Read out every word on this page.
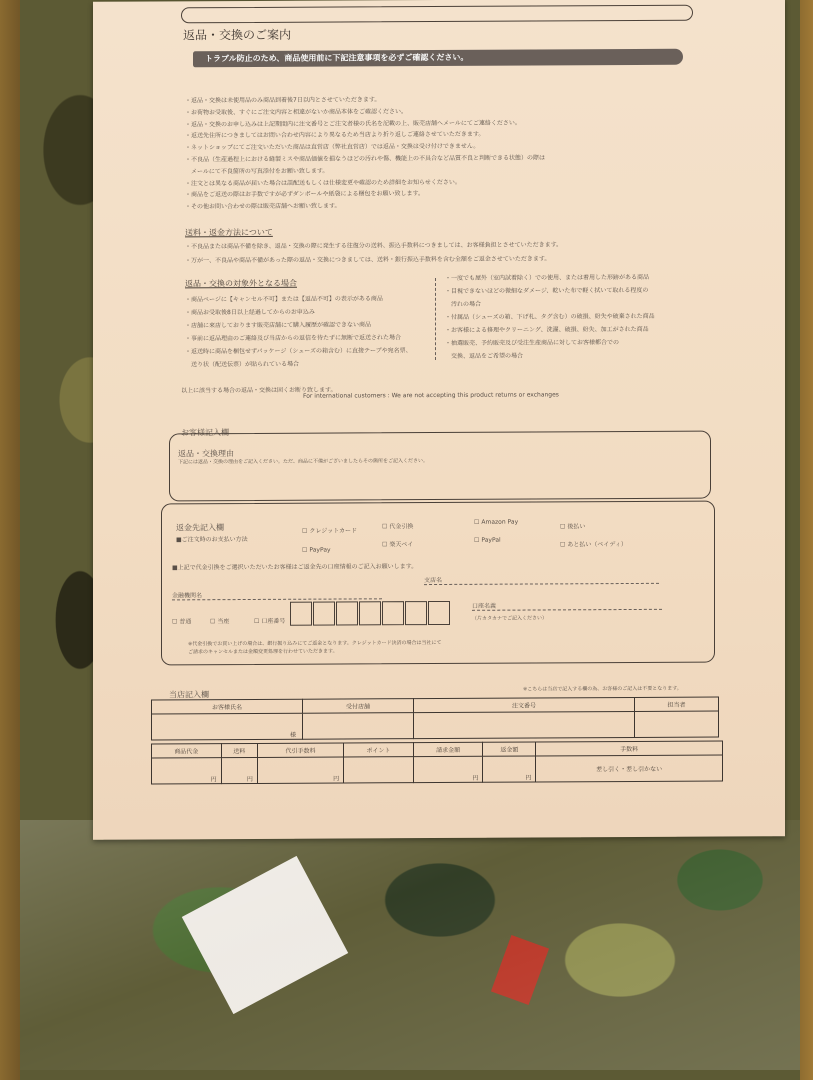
返品・交換のご案内
トラブル防止のため、商品使用前に下記注意事項を必ずご確認ください。
・返品・交換は未使用品のみ商品到着後7日以内とさせていただきます。
・お荷物お受取後、すぐにご注文内容と相違がないか商品本体をご確認ください。
・返品・交換のお申し込みは上記期間内に注文番号とご注文者様の氏名を記載の上、販売店舗へメールにてご連絡ください。
・返送先住所につきましてはお問い合わせ内容により異なるため当店より折り返しご連絡させていただきます。
・ネットショップにてご注文いただいた商品は直営店（弊社直営店）では返品・交換は受け付けできません。
・不良品（生産過程上における縫製ミスや商品価値を損なうほどの汚れや傷、機能上の不具合など品質不良と判断できる状態）の際は
　メールにて不良箇所の写真添付をお願い致します。
・注文とは異なる商品が届いた場合は誤配送もしくは仕様変更や確認のため詳細をお知らせください。
・商品をご返送の際はお手数ですが必ずダンボールや紙袋による梱包をお願い致します。
・その他お問い合わせの際は販売店舗へお願い致します。
送料・返金方法について
・不良品または商品不備を除き、返品・交換の際に発生する往復分の送料、振込手数料につきましては、お客様負担とさせていただきます。
・万が一、不良品や商品不備があった際の返品・交換につきましては、送料・銀行振込手数料を含む全額をご返金させていただきます。
返品・交換の対象外となる場合
・商品ページに【キャンセル不可】または【返品不可】の表示がある商品
・商品お受取後8日以上経過してからのお申込み
・店舗に來店しております販売店舗にて購入履歴が確認できない商品
・事前に返品理由のご連絡及び当店からの返信を待たずに無断で返送された場合
・返送時に商品を梱包せずパッケージ（シューズの箱含む）に直接テープや宛名票、
　送り状（配送伝票）が貼られている場合
・一度でも屋外（室内試着除く）での使用、または着用した形跡がある商品
・目視できないほどの微細なダメージ、乾いた布で軽く拭いて取れる程度の
　汚れの場合
・付属品（シューズの箱、下げ札、タグ含む）の破損、紛失や破棄された商品
・お客様による修理やクリーニング、洗濯、破損、紛失、加工がされた商品
・抽選販売、予約販売及び受注生産商品に対してお客様都合での
　交換、返品をご希望の場合
以上に該当する場合の返品・交換は固くお断り致します。
For international customers : We are not accepting this product returns or exchanges
お客様記入欄
返品・交換理由
下記には返品・交換の理由をご記入ください。ただ、商品に不備がございましたらその箇所をご記入ください。
返金先記入欄
■ご注文時のお支払い方法
☐ クレジットカード
☐ 代金引換
☐ Amazon Pay
☐ 後払い
☐ PayPay
☐ 楽天ペイ
☐ PayPal
☐ あと払い（ペイディ）
■上記で代金引換をご選択いただいたお客様はご返金先の口座情報のご記入お願いします。
金融機関名
支店名
☐ 普通	☐ 当座	☐ 口座番号
口座名義
（片カタカナでご記入ください）
※代金引換でお買い上げの場合は、銀行振り込みにてご返金となります。クレジットカード決済の場合は当社にて
ご請求のキャンセルまたは金額変更処理を行わせていただきます。
当店記入欄
※こちらは当店で記入する欄の為、お客様のご記入は不要となります。
お客様氏名	受付店舗	注文番号	担当者
様			
商品代金	送料	代引手数料	ポイント	請求金額	返金額	手数料
円	円	円		円	円	差し引く・差し引かない
